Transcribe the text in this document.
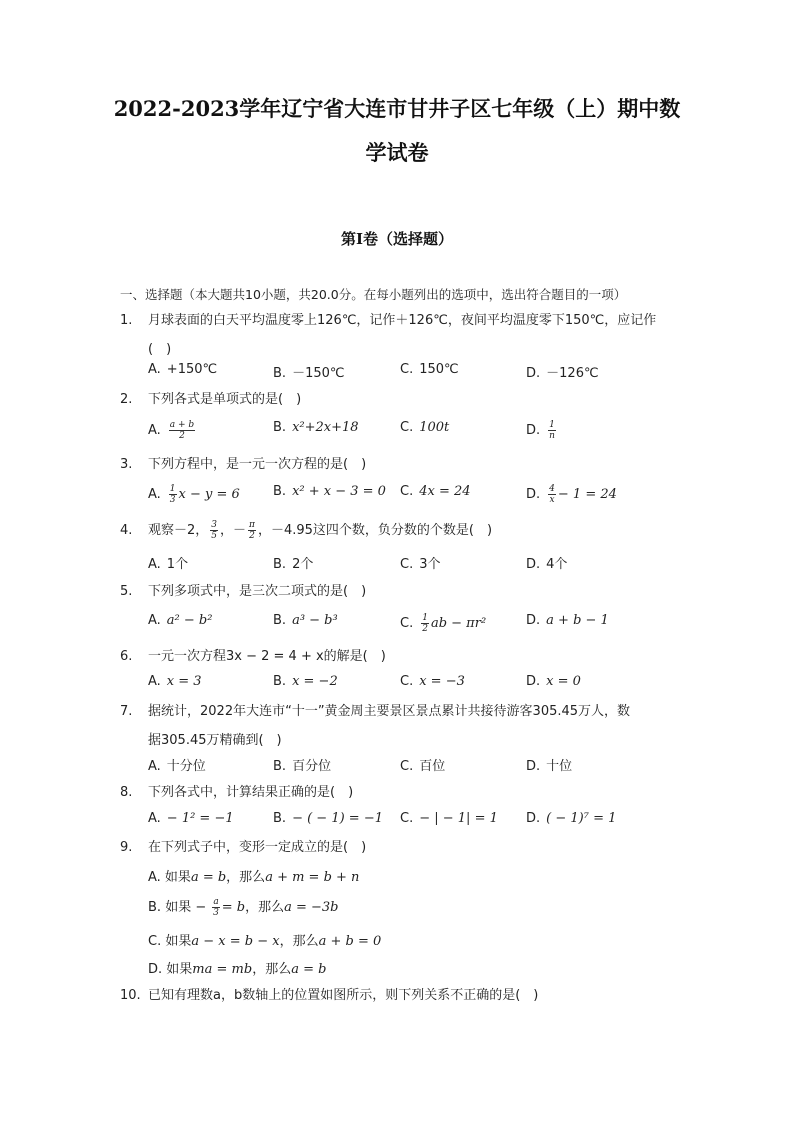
2022-2023学年辽宁省大连市甘井子区七年级（上）期中数
学试卷
第I卷（选择题）
一、选择题（本大题共10小题，共20.0分。在每小题列出的选项中，选出符合题目的一项）
1. 月球表面的白天平均温度零上126℃，记作＋126℃，夜间平均温度零下150℃，应记作
(　)
A. +150℃	B. －150℃	C. 150℃	D. －126℃
2. 下列各式是单项式的是(　)
A. $\frac{a + b}{2}$	B. x²+2x+18	C. 100t	D. $\frac{1}{n}$
3. 下列方程中，是一元一次方程的是(　)
A. $\frac{1}{3}$ x − y = 6	B. x² + x − 3 = 0 C. 4x = 24	D. $\frac{4}{x} - 1 = 24$
4. 观察－2， $\frac{3}{5}$ ，－ $\frac{\pi}{2}$ ，－4.95这四个数，负分数的个数是(　)
A. 1个	B. 2个	C. 3个	D. 4个
5. 下列多项式中，是三次二项式的是(　)
A. a² − b²	B. a³ − b³	C. $\frac{1}{2}$ ab − πr²	D. a + b − 1
6. 一元一次方程3x − 2 = 4 + x的解是(　)
A. x = 3	B. x = −2	C. x = −3	D. x = 0
7. 据统计，2022年大连市“十一”黄金周主要景区景点累计共接待游客305.45万人，数
据305.45万精确到(　)
A. 十分位	B. 百分位	C. 百位	D. 十位
8. 下列各式中，计算结果正确的是(　)
A. − 1² = −1	B. − ( − 1) = −1 C. − | − 1| = 1 D. ( − 1)⁷ = 1
9. 在下列式子中，变形一定成立的是(　)
A. 如果a = b，那么a + m = b + n
B. 如果 − $\frac{a}{3} = b$，那么a = −3b
C. 如果a − x = b − x，那么a + b = 0
D. 如果ma = mb，那么a = b
10. 已知有理数a，b数轴上的位置如图所示，则下列关系不正确的是(　)
